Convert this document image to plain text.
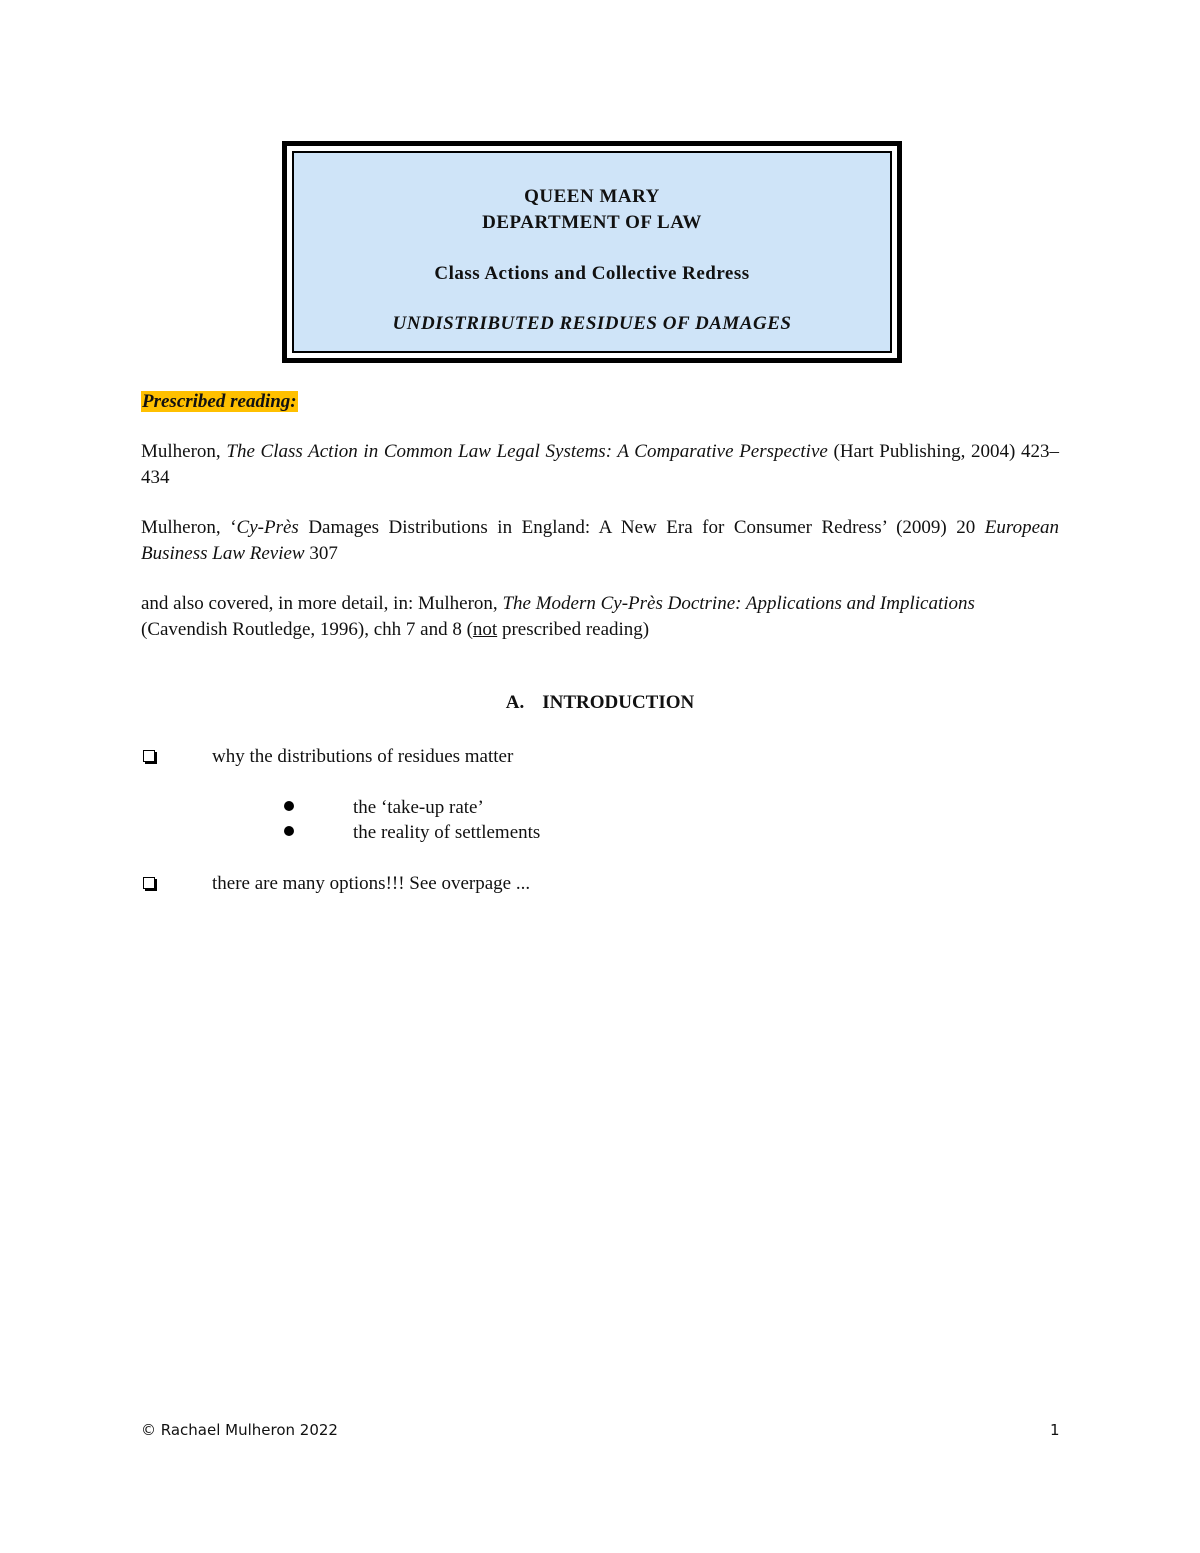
QUEEN MARY
DEPARTMENT OF LAW
Class Actions and Collective Redress
UNDISTRIBUTED RESIDUES OF DAMAGES
Prescribed reading:
Mulheron, The Class Action in Common Law Legal Systems: A Comparative Perspective (Hart Publishing, 2004) 423–434
Mulheron, ‘Cy-Près Damages Distributions in England: A New Era for Consumer Redress’ (2009) 20 European Business Law Review 307
and also covered, in more detail, in: Mulheron, The Modern Cy-Près Doctrine: Applications and Implications (Cavendish Routledge, 1996), chh 7 and 8 (not prescribed reading)
A. INTRODUCTION
why the distributions of residues matter
the ‘take-up rate’
the reality of settlements
there are many options!!! See overpage ...
© Rachael Mulheron 2022	1
